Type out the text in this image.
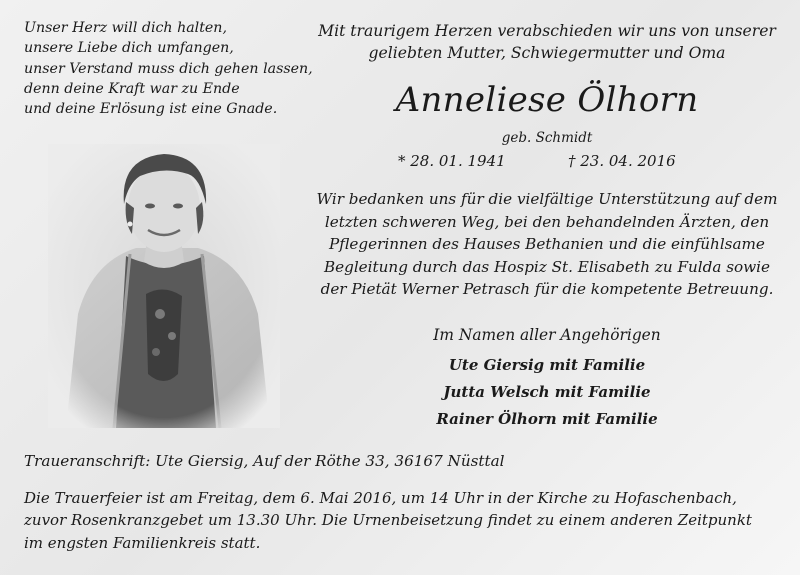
Unser Herz will dich halten,
unsere Liebe dich umfangen,
unser Verstand muss dich gehen lassen,
denn deine Kraft war zu Ende
und deine Erlösung ist eine Gnade.
Mit traurigem Herzen verabschieden wir uns von unserer
geliebten Mutter, Schwiegermutter und Oma
Anneliese Ölhorn
geb. Schmidt
* 28. 01. 1941	† 23. 04. 2016
Wir bedanken uns für die vielfältige Unterstützung auf dem
letzten schweren Weg, bei den behandelnden Ärzten, den
Pflegerinnen des Hauses Bethanien und die einfühlsame
Begleitung durch das Hospiz St. Elisabeth zu Fulda sowie
der Pietät Werner Petrasch für die kompetente Betreuung.
Im Namen aller Angehörigen
Ute Giersig mit Familie
Jutta Welsch mit Familie
Rainer Ölhorn mit Familie
Traueranschrift: Ute Giersig, Auf der Röthe 33, 36167 Nüsttal
Die Trauerfeier ist am Freitag, dem 6. Mai 2016, um 14 Uhr in der Kirche zu Hofaschenbach,
zuvor Rosenkranzgebet um 13.30 Uhr. Die Urnenbeisetzung findet zu einem anderen Zeitpunkt
im engsten Familienkreis statt.
